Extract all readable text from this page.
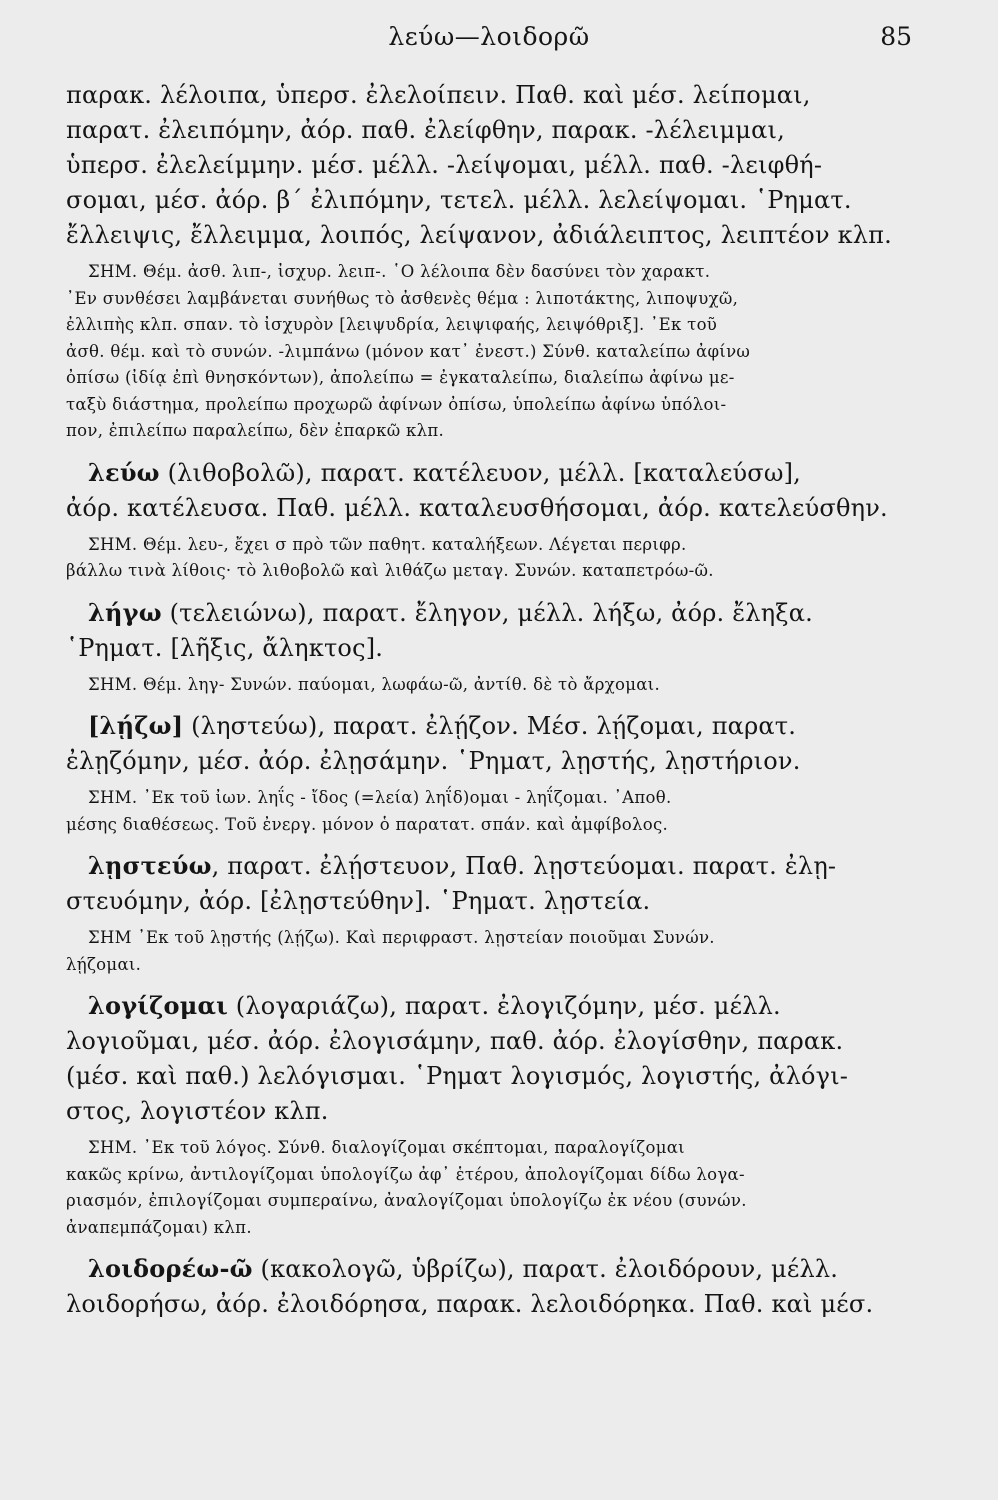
λεύω—λοιδορῶ	85
παρακ. λέλοιπα, ὑπερσ. ἐλελοίπειν. Παθ. καὶ μέσ. λείπομαι,
παρατ. ἐλειπόμην, ἀόρ. παθ. ἐλείφθην, παρακ. -λέλειμμαι,
ὑπερσ. ἐλελείμμην. μέσ. μέλλ. -λείψομαι, μέλλ. παθ. -λειφθή-
σομαι, μέσ. ἀόρ. β΄ ἐλιπόμην, τετελ. μέλλ. λελείψομαι. ῾Ρηματ.
ἔλλειψις, ἔλλειμμα, λοιπός, λείψανον, ἀδιάλειπτος, λειπτέον κλπ.
ΣΗΜ. Θέμ. ἀσθ. λιπ-, ἰσχυρ. λειπ-. ῾Ο λέλοιπα δὲν δασύνει τὸν χαρακτ.
᾿Εν συνθέσει λαμβάνεται συνήθως τὸ ἀσθενὲς θέμα : λιποτάκτης, λιποψυχῶ,
ἐλλιπὴς κλπ. σπαν. τὸ ἰσχυρὸν [λειψυδρία, λειψιφαής, λειψόθριξ]. ᾿Εκ τοῦ
ἀσθ. θέμ. καὶ τὸ συνών. -λιμπάνω (μόνον κατ᾿ ἐνεστ.) Σύνθ. καταλείπω ἀφίνω
ὀπίσω (ἰδίᾳ ἐπὶ θνησκόντων), ἀπολείπω = ἐγκαταλείπω, διαλείπω ἀφίνω με-
ταξὺ διάστημα, προλείπω προχωρῶ ἀφίνων ὀπίσω, ὑπολείπω ἀφίνω ὑπόλοι-
πον, ἐπιλείπω παραλείπω, δὲν ἐπαρκῶ κλπ.
λεύω (λιθοβολῶ), παρατ. κατέλευον, μέλλ. [καταλεύσω],
ἀόρ. κατέλευσα. Παθ. μέλλ. καταλευσθήσομαι, ἀόρ. κατελεύσθην.
ΣΗΜ. Θέμ. λευ-, ἔχει σ πρὸ τῶν παθητ. καταλήξεων. Λέγεται περιφρ.
βάλλω τινὰ λίθοις· τὸ λιθοβολῶ καὶ λιθάζω μεταγ. Συνών. καταπετρόω-ῶ.
λήγω (τελειώνω), παρατ. ἔληγον, μέλλ. λήξω, ἀόρ. ἔληξα.
῾Ρηματ. [λῆξις, ἄληκτος].
ΣΗΜ. Θέμ. ληγ- Συνών. παύομαι, λωφάω-ῶ, ἀντίθ. δὲ τὸ ἄρχομαι.
[λῄζω] (ληστεύω), παρατ. ἐλῄζον. Μέσ. λῄζομαι, παρατ.
ἐλῃζόμην, μέσ. ἀόρ. ἐλῃσάμην. ῾Ρηματ, λῃστής, λῃστήριον.
ΣΗΜ. ᾿Εκ τοῦ ἰων. ληΐς - ἴδος (=λεία) ληΐδ)ομαι - ληΐζομαι. ᾿Αποθ.
μέσης διαθέσεως. Τοῦ ἐνεργ. μόνον ὁ παρατατ. σπάν. καὶ ἀμφίβολος.
λῃστεύω, παρατ. ἐλῄστευον, Παθ. λῃστεύομαι. παρατ. ἐλῃ-
στευόμην, ἀόρ. [ἐλῃστεύθην]. ῾Ρηματ. λῃστεία.
ΣΗΜ ᾿Εκ τοῦ λῃστής (λῄζω). Καὶ περιφραστ. λῃστείαν ποιοῦμαι Συνών.
λῄζομαι.
λογίζομαι (λογαριάζω), παρατ. ἐλογιζόμην, μέσ. μέλλ.
λογιοῦμαι, μέσ. ἀόρ. ἐλογισάμην, παθ. ἀόρ. ἐλογίσθην, παρακ.
(μέσ. καὶ παθ.) λελόγισμαι. ῾Ρηματ λογισμός, λογιστής, ἀλόγι-
στος, λογιστέον κλπ.
ΣΗΜ. ᾿Εκ τοῦ λόγος. Σύνθ. διαλογίζομαι σκέπτομαι, παραλογίζομαι
κακῶς κρίνω, ἀντιλογίζομαι ὑπολογίζω ἀφ᾿ ἑτέρου, ἀπολογίζομαι δίδω λογα-
ριασμόν, ἐπιλογίζομαι συμπεραίνω, ἀναλογίζομαι ὑπολογίζω ἐκ νέου (συνών.
ἀναπεμπάζομαι) κλπ.
λοιδορέω-ῶ (κακολογῶ, ὑβρίζω), παρατ. ἐλοιδόρουν, μέλλ.
λοιδορήσω, ἀόρ. ἐλοιδόρησα, παρακ. λελοιδόρηκα. Παθ. καὶ μέσ.
